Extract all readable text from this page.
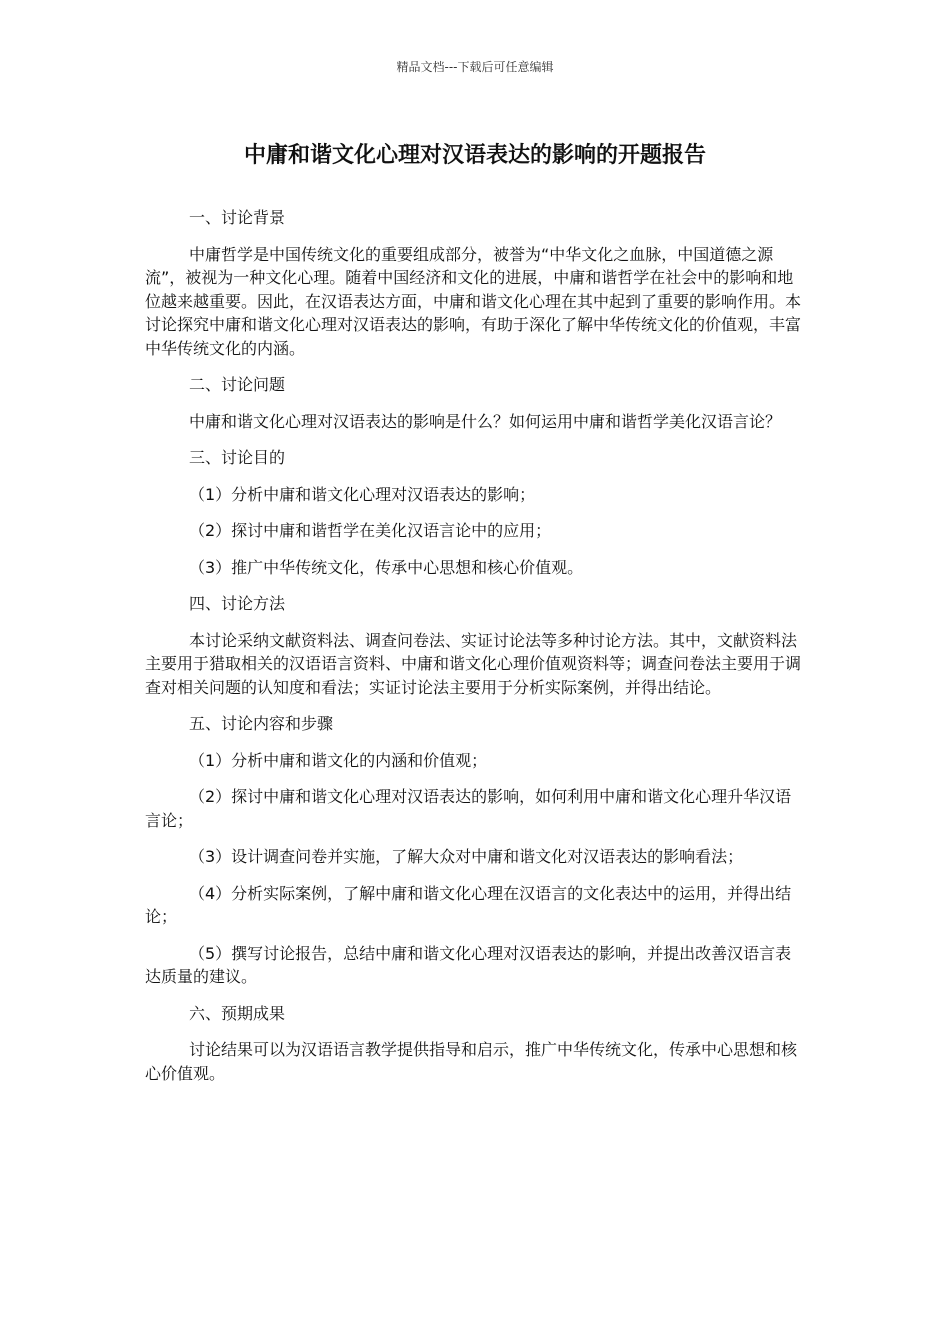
精品文档---下载后可任意编辑
中庸和谐文化心理对汉语表达的影响的开题报告

一、讨论背景

中庸哲学是中国传统文化的重要组成部分，被誉为“中华文化之血脉，中国道德之源流”，被视为一种文化心理。随着中国经济和文化的进展，中庸和谐哲学在社会中的影响和地位越来越重要。因此，在汉语表达方面，中庸和谐文化心理在其中起到了重要的影响作用。本讨论探究中庸和谐文化心理对汉语表达的影响，有助于深化了解中华传统文化的价值观，丰富中华传统文化的内涵。

二、讨论问题

中庸和谐文化心理对汉语表达的影响是什么？如何运用中庸和谐哲学美化汉语言论？

三、讨论目的

（1）分析中庸和谐文化心理对汉语表达的影响；

（2）探讨中庸和谐哲学在美化汉语言论中的应用；

（3）推广中华传统文化，传承中心思想和核心价值观。

四、讨论方法

本讨论采纳文献资料法、调查问卷法、实证讨论法等多种讨论方法。其中，文献资料法主要用于猎取相关的汉语语言资料、中庸和谐文化心理价值观资料等；调查问卷法主要用于调查对相关问题的认知度和看法；实证讨论法主要用于分析实际案例，并得出结论。

五、讨论内容和步骤

（1）分析中庸和谐文化的内涵和价值观；

（2）探讨中庸和谐文化心理对汉语表达的影响，如何利用中庸和谐文化心理升华汉语言论；

（3）设计调查问卷并实施，了解大众对中庸和谐文化对汉语表达的影响看法；

（4）分析实际案例，了解中庸和谐文化心理在汉语言的文化表达中的运用，并得出结论；

（5）撰写讨论报告，总结中庸和谐文化心理对汉语表达的影响，并提出改善汉语言表达质量的建议。

六、预期成果

讨论结果可以为汉语语言教学提供指导和启示，推广中华传统文化，传承中心思想和核心价值观。
